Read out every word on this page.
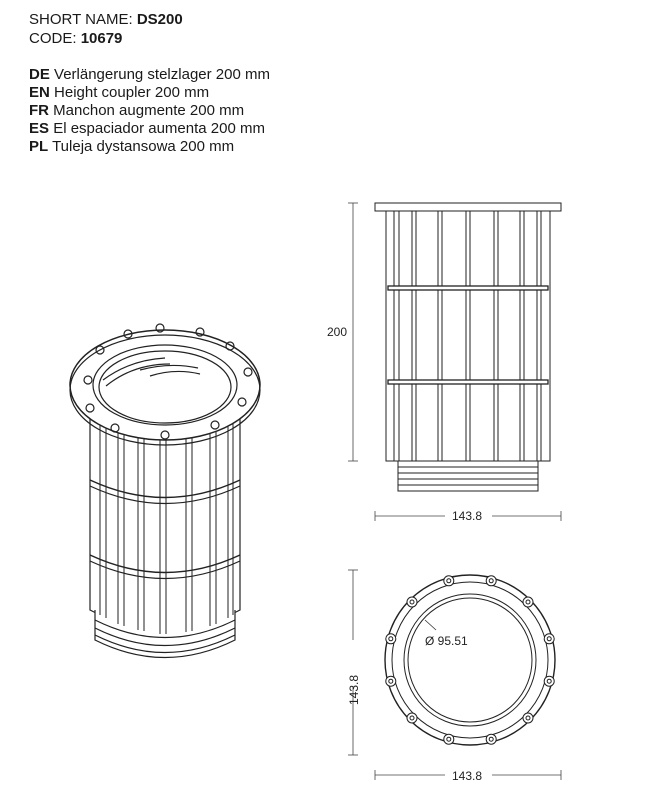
SHORT NAME: DS200
CODE: 10679
DE Verlängerung stelzlager 200 mm
EN Height coupler 200 mm
FR Manchon augmente 200 mm
ES El espaciador aumenta 200 mm
PL Tuleja dystansowa 200 mm
200
143.8
Ø 95.51
143.8
143.8
